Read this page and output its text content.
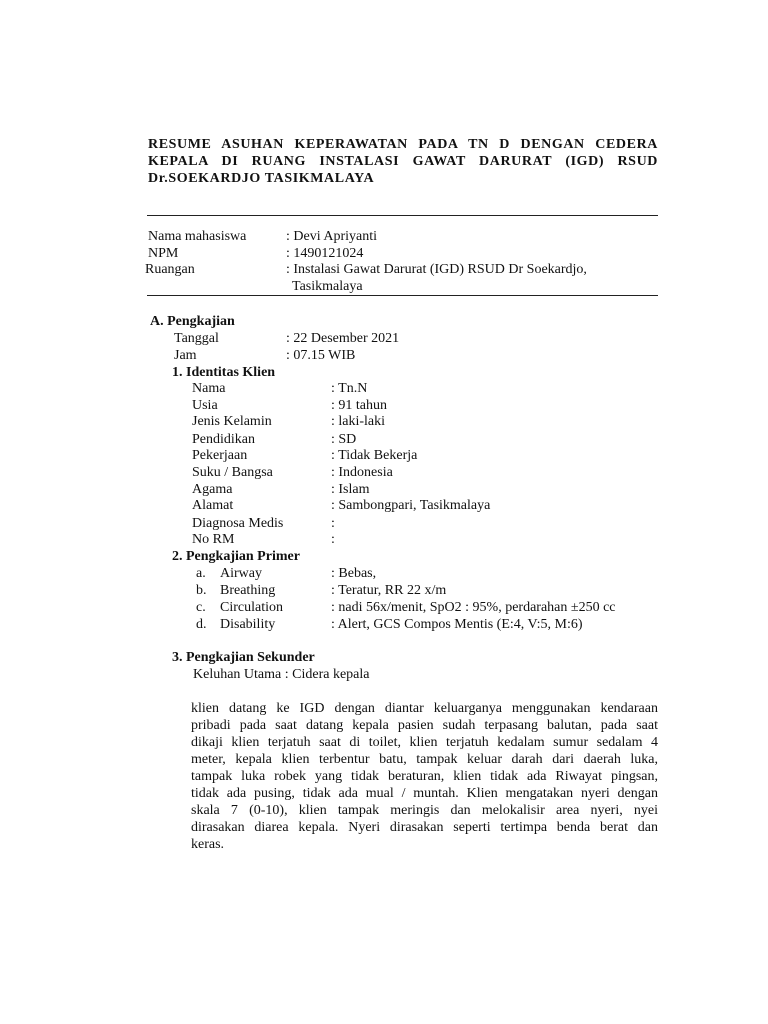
RESUME ASUHAN KEPERAWATAN PADA TN D DENGAN CEDERA
KEPALA DI RUANG INSTALASI GAWAT DARURAT (IGD) RSUD
Dr.SOEKARDJO TASIKMALAYA
Nama mahasiswa	: Devi Apriyanti
NPM	: 1490121024
Ruangan	: Instalasi Gawat Darurat (IGD) RSUD Dr Soekardjo,
Tasikmalaya
A. Pengkajian
Tanggal	: 22 Desember 2021
Jam	: 07.15 WIB
1. Identitas Klien
Nama	: Tn.N
Usia	: 91 tahun
Jenis Kelamin	: laki-laki
Pendidikan	: SD
Pekerjaan	: Tidak Bekerja
Suku / Bangsa	: Indonesia
Agama	: Islam
Alamat	: Sambongpari, Tasikmalaya
Diagnosa Medis	:
No RM	:
2. Pengkajian Primer
a. Airway	: Bebas,
b. Breathing	: Teratur, RR 22 x/m
c. Circulation	: nadi 56x/menit, SpO2 : 95%, perdarahan ±250 cc
d. Disability	: Alert, GCS Compos Mentis (E:4, V:5, M:6)
3. Pengkajian Sekunder
Keluhan Utama : Cidera kepala
klien datang ke IGD dengan diantar keluarganya menggunakan kendaraan
pribadi pada saat datang kepala pasien sudah terpasang balutan, pada saat
dikaji klien terjatuh saat di toilet, klien terjatuh kedalam sumur sedalam 4
meter, kepala klien terbentur batu, tampak keluar darah dari daerah luka,
tampak luka robek yang tidak beraturan, klien tidak ada Riwayat pingsan,
tidak ada pusing, tidak ada mual / muntah. Klien mengatakan nyeri dengan
skala 7 (0-10), klien tampak meringis dan melokalisir area nyeri, nyei
dirasakan diarea kepala. Nyeri dirasakan seperti tertimpa benda berat dan
keras.
